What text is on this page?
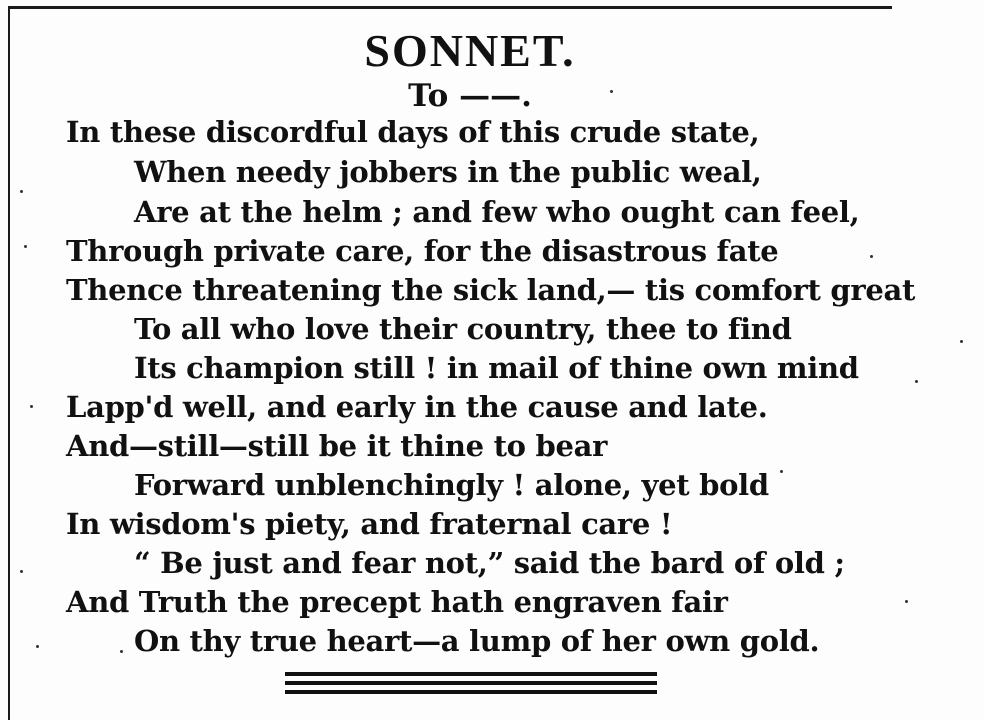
SONNET.
To ——.
In these discordful days of this crude state,
When needy jobbers in the public weal,
Are at the helm ; and few who ought can feel,
Through private care, for the disastrous fate
Thence threatening the sick land,— tis comfort great
To all who love their country, thee to find
Its champion still ! in mail of thine own mind
Lapp'd well, and early in the cause and late.
And—still—still be it thine to bear
Forward unblenchingly ! alone, yet bold
In wisdom's piety, and fraternal care !
“ Be just and fear not,” said the bard of old ;
And Truth the precept hath engraven fair
On thy true heart—a lump of her own gold.
